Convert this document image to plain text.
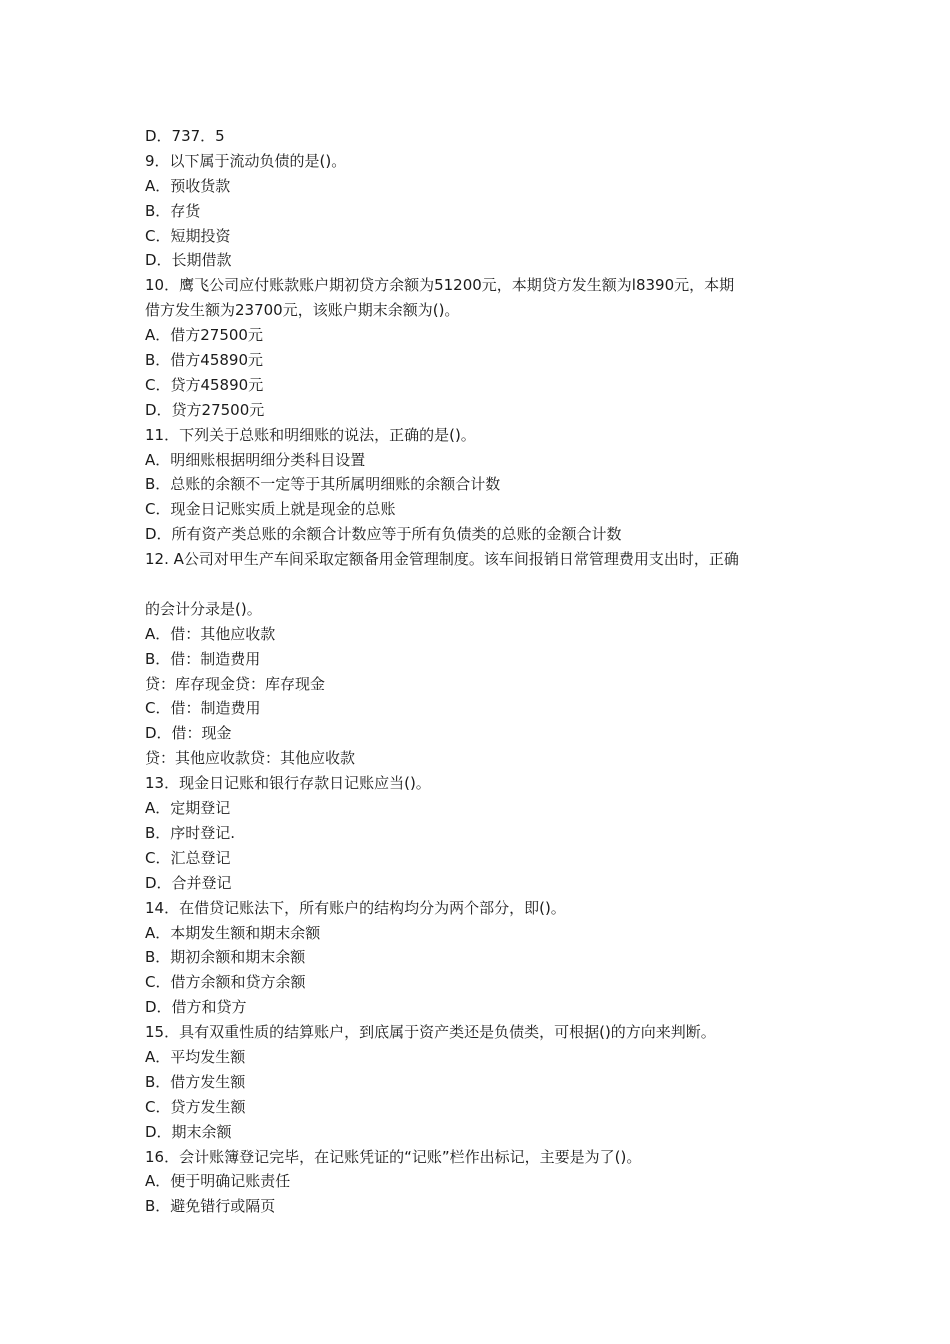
D．737．5

9．以下属于流动负债的是()。

A．预收货款

B．存货

C．短期投资

D．长期借款

10．鹰飞公司应付账款账户期初贷方余额为51200元，本期贷方发生额为l8390元，本期

借方发生额为23700元，该账户期末余额为()。

A．借方27500元

B．借方45890元

C．贷方45890元

D．贷方27500元

11．下列关于总账和明细账的说法，正确的是()。

A．明细账根据明细分类科目设置

B．总账的余额不一定等于其所属明细账的余额合计数

C．现金日记账实质上就是现金的总账

D．所有资产类总账的余额合计数应等于所有负债类的总账的金额合计数

12. A公司对甲生产车间采取定额备用金管理制度。该车间报销日常管理费用支出时，正确

的会计分录是()。

A．借：其他应收款

B．借：制造费用

贷：库存现金贷：库存现金

C．借：制造费用

D．借：现金

贷：其他应收款贷：其他应收款

13．现金日记账和银行存款日记账应当()。

A．定期登记

B．序时登记.

C．汇总登记

D．合并登记

14．在借贷记账法下，所有账户的结构均分为两个部分，即()。

A．本期发生额和期末余额

B．期初余额和期末余额

C．借方余额和贷方余额

D．借方和贷方

15．具有双重性质的结算账户，到底属于资产类还是负债类，可根据()的方向来判断。

A．平均发生额

B．借方发生额

C．贷方发生额

D．期末余额

16．会计账簿登记完毕，在记账凭证的“记账”栏作出标记，主要是为了()。

A．便于明确记账责任

B．避免错行或隔页
